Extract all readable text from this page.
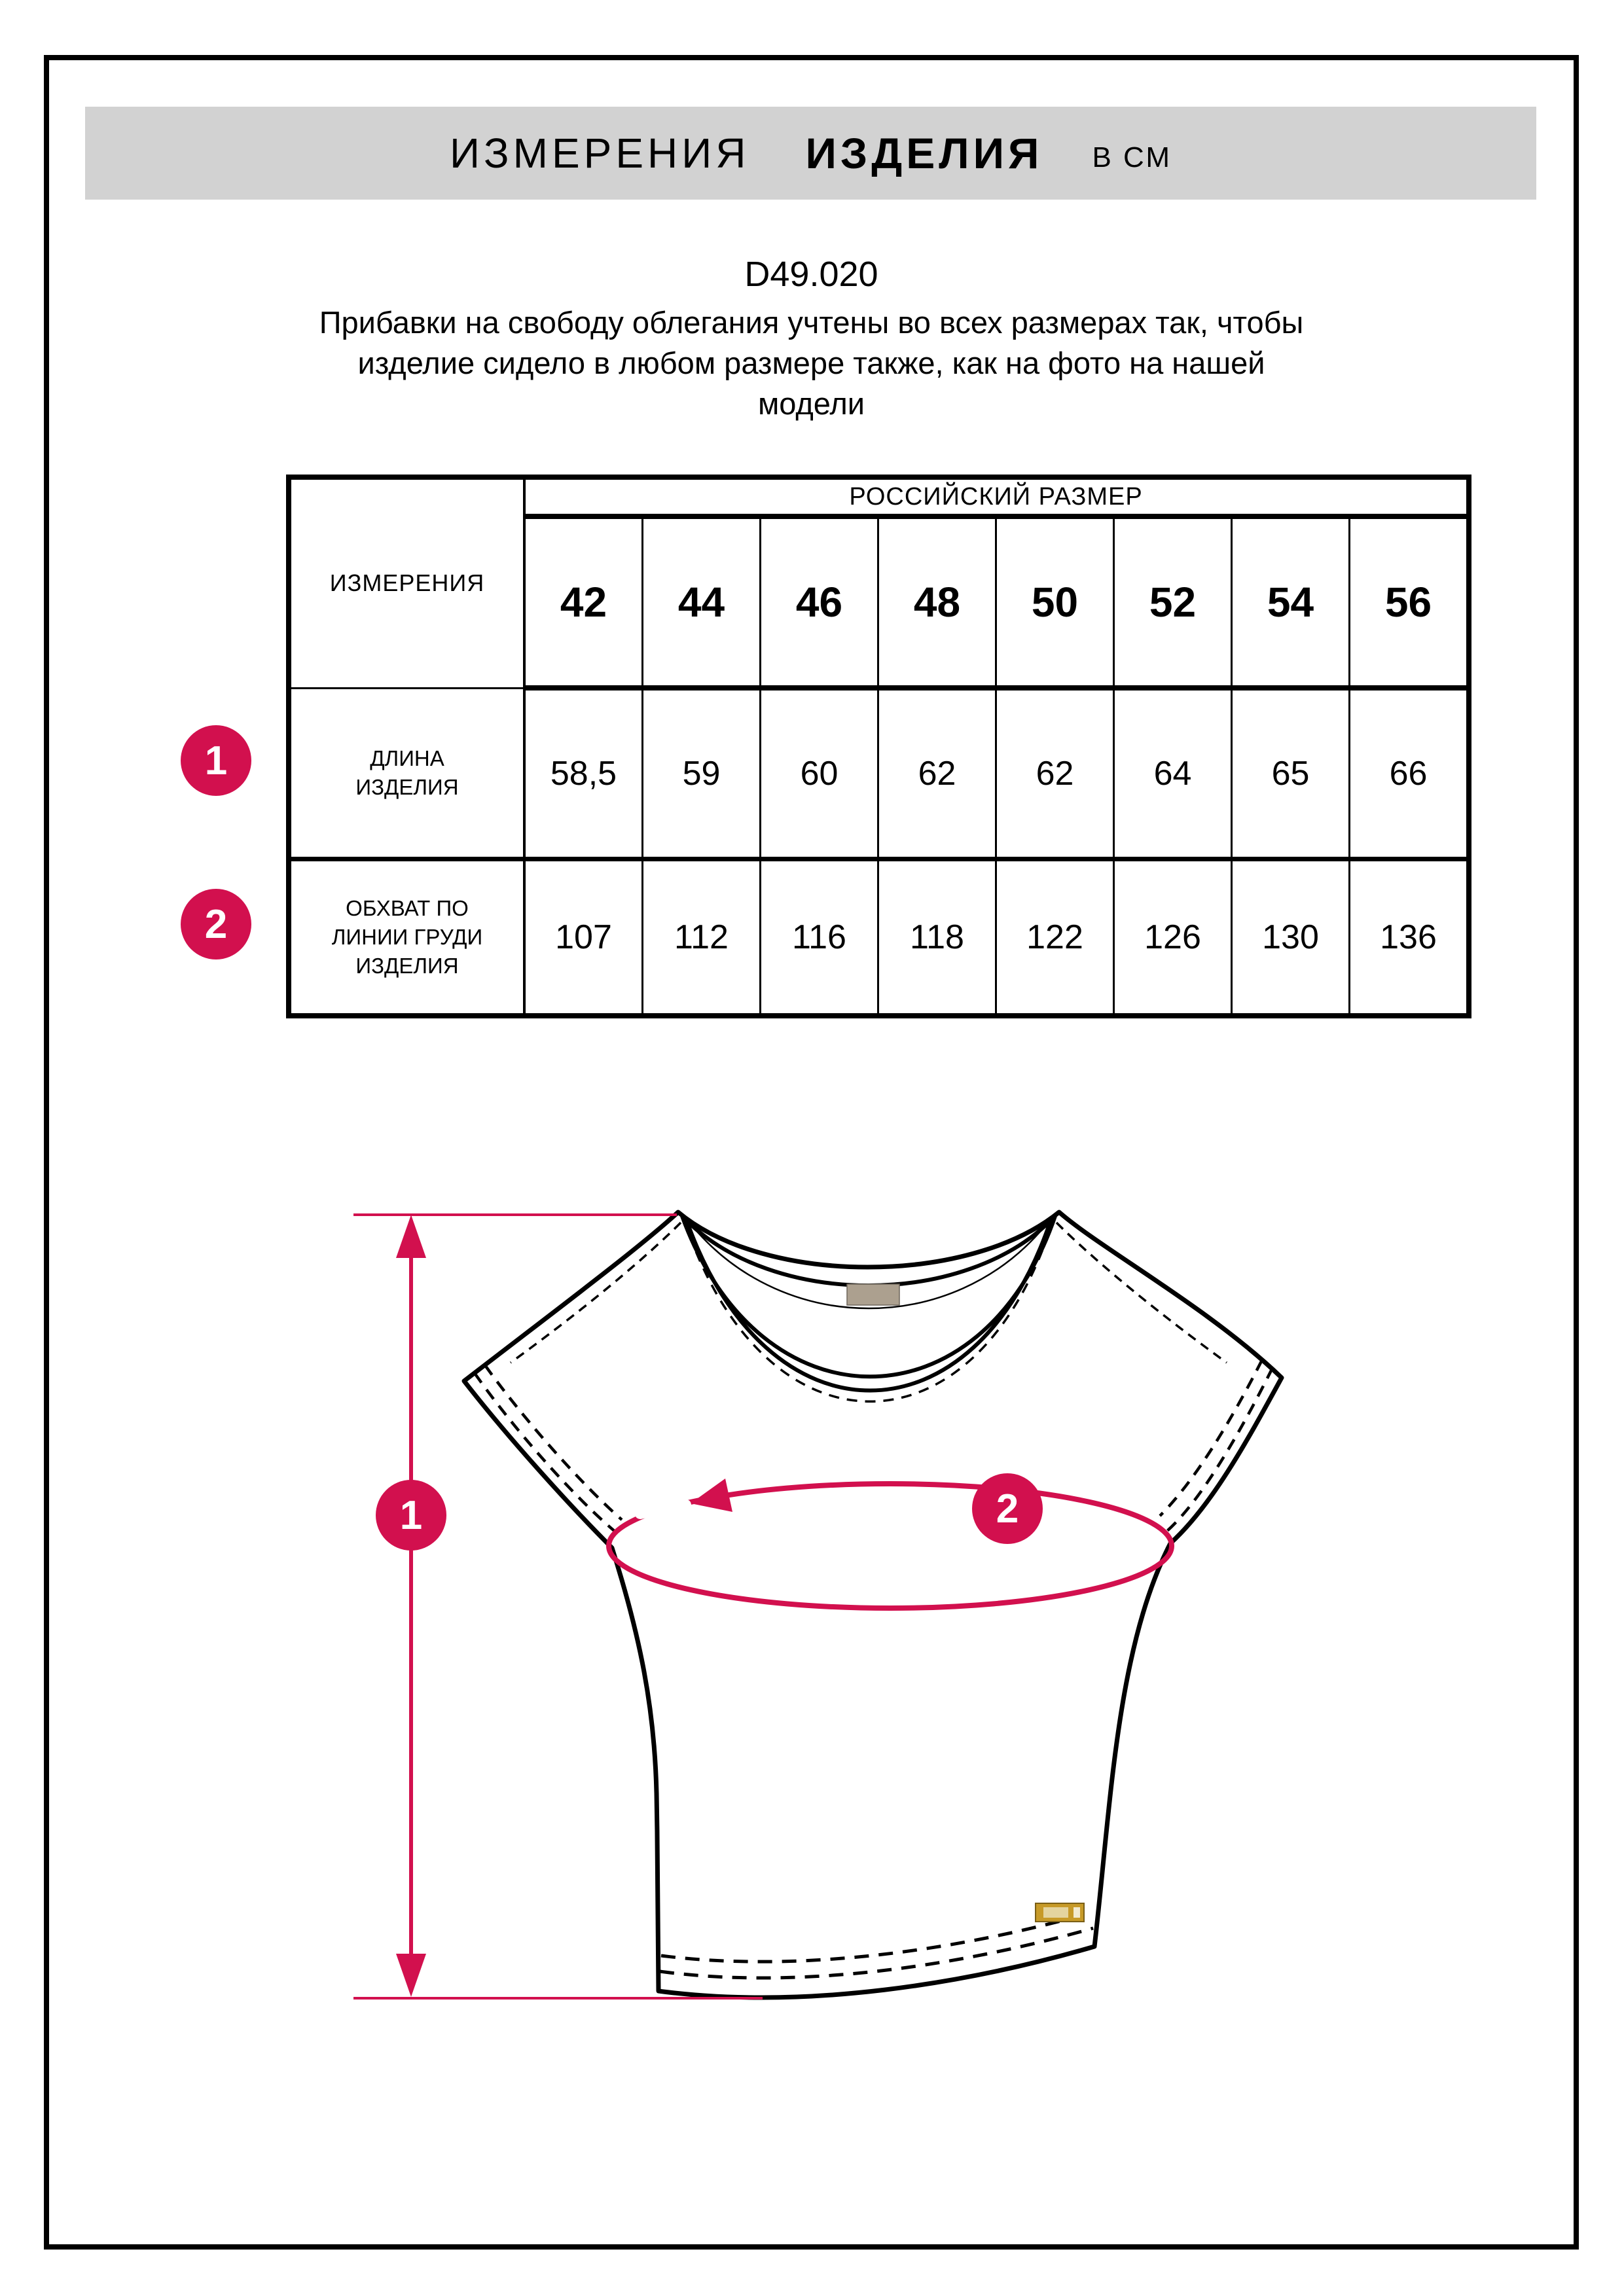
ИЗМЕРЕНИЯ ИЗДЕЛИЯ В СМ
D49.020
Прибавки на свободу облегания учтены во всех размерах так, чтобы
изделие сидело в любом размере также, как на фото на нашей
модели
ИЗМЕРЕНИЯ	РОССИЙСКИЙ РАЗМЕР							
	42	44	46	48	50	52	54	56

ДЛИНА ИЗДЕЛИЯ	58,5	59	60	62	62	64	65	66

ОБХВАТ ПО ЛИНИИ ГРУДИ ИЗДЕЛИЯ	107	112	116	118	122	126	130	136
1
2
1	2
